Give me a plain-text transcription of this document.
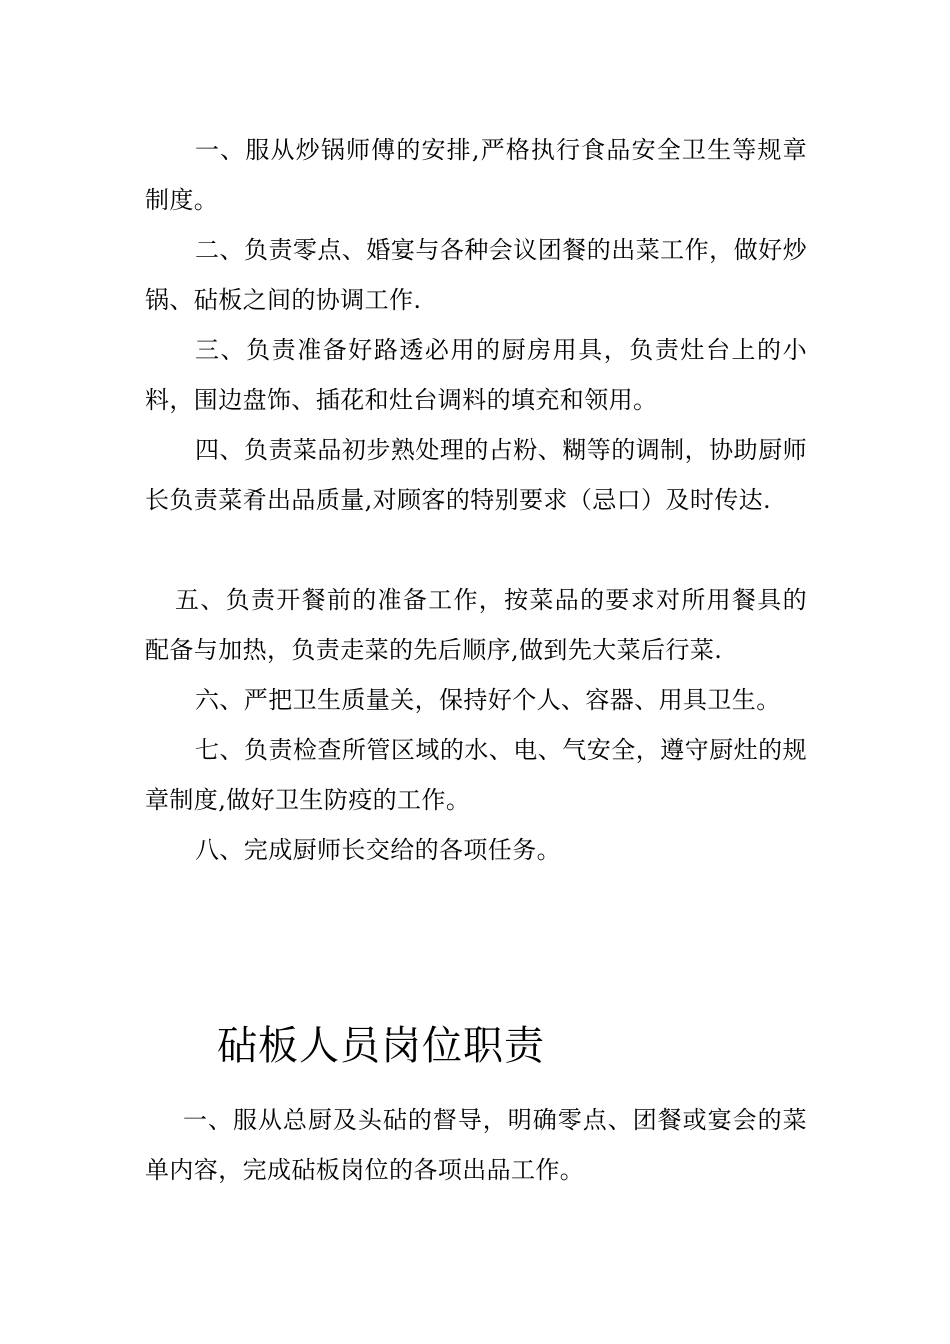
一、服从炒锅师傅的安排,严格执行食品安全卫生等规章制度。

二、负责零点、婚宴与各种会议团餐的出菜工作，做好炒锅、砧板之间的协调工作.

三、负责准备好路透必用的厨房用具，负责灶台上的小料，围边盘饰、插花和灶台调料的填充和领用。

四、负责菜品初步熟处理的占粉、糊等的调制，协助厨师长负责菜肴出品质量,对顾客的特别要求（忌口）及时传达.

五、负责开餐前的准备工作，按菜品的要求对所用餐具的配备与加热，负责走菜的先后顺序,做到先大菜后行菜.

六、严把卫生质量关，保持好个人、容器、用具卫生。

七、负责检查所管区域的水、电、气安全，遵守厨灶的规章制度,做好卫生防疫的工作。

八、完成厨师长交给的各项任务。

砧板人员岗位职责

一、服从总厨及头砧的督导，明确零点、团餐或宴会的菜单内容，完成砧板岗位的各项出品工作。
